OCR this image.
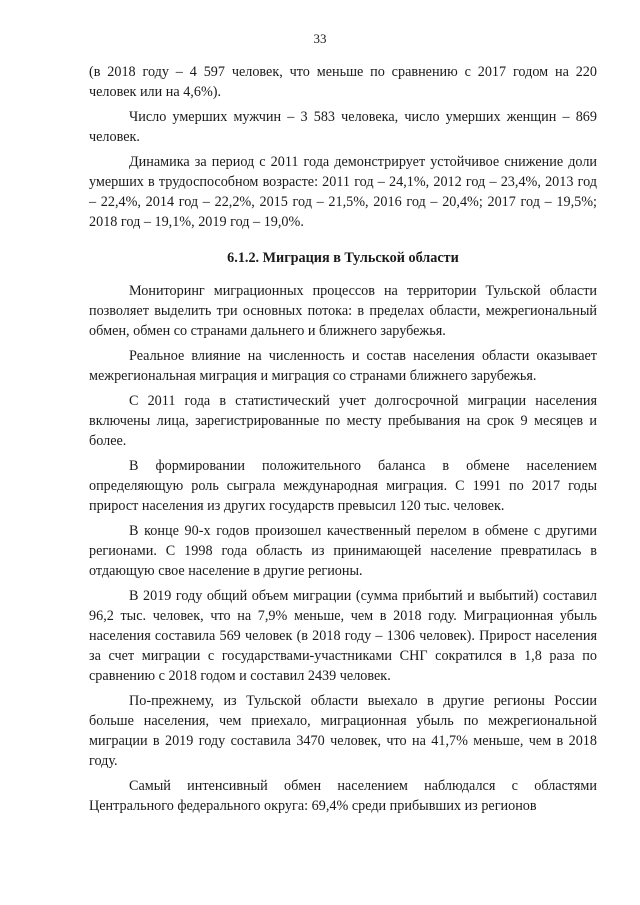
33

(в 2018 году – 4 597 человек, что меньше по сравнению с 2017 годом на 220 человек или на 4,6%).

Число умерших мужчин – 3 583 человека, число умерших женщин – 869 человек.

Динамика за период с 2011 года демонстрирует устойчивое снижение доли умерших в трудоспособном возрасте: 2011 год – 24,1%, 2012 год – 23,4%, 2013 год – 22,4%, 2014 год – 22,2%, 2015 год – 21,5%, 2016 год – 20,4%; 2017 год – 19,5%; 2018 год – 19,1%, 2019 год – 19,0%.

6.1.2. Миграция в Тульской области

Мониторинг миграционных процессов на территории Тульской области позволяет выделить три основных потока: в пределах области, межрегиональный обмен, обмен со странами дальнего и ближнего зарубежья.

Реальное влияние на численность и состав населения области оказывает межрегиональная миграция и миграция со странами ближнего зарубежья.

С 2011 года в статистический учет долгосрочной миграции населения включены лица, зарегистрированные по месту пребывания на срок 9 месяцев и более.

В формировании положительного баланса в обмене населением определяющую роль сыграла международная миграция. С 1991 по 2017 годы прирост населения из других государств превысил 120 тыс. человек.

В конце 90-х годов произошел качественный перелом в обмене с другими регионами. С 1998 года область из принимающей население превратилась в отдающую свое население в другие регионы.

В 2019 году общий объем миграции (сумма прибытий и выбытий) составил 96,2 тыс. человек, что на 7,9% меньше, чем в 2018 году. Миграционная убыль населения составила 569 человек (в 2018 году – 1306 человек). Прирост населения за счет миграции с государствами-участниками СНГ сократился в 1,8 раза по сравнению с 2018 годом и составил 2439 человек.

По-прежнему, из Тульской области выехало в другие регионы России больше населения, чем приехало, миграционная убыль по межрегиональной миграции в 2019 году составила 3470 человек, что на 41,7% меньше, чем в 2018 году.

Самый интенсивный обмен населением наблюдался с областями Центрального федерального округа: 69,4% среди прибывших из регионов
